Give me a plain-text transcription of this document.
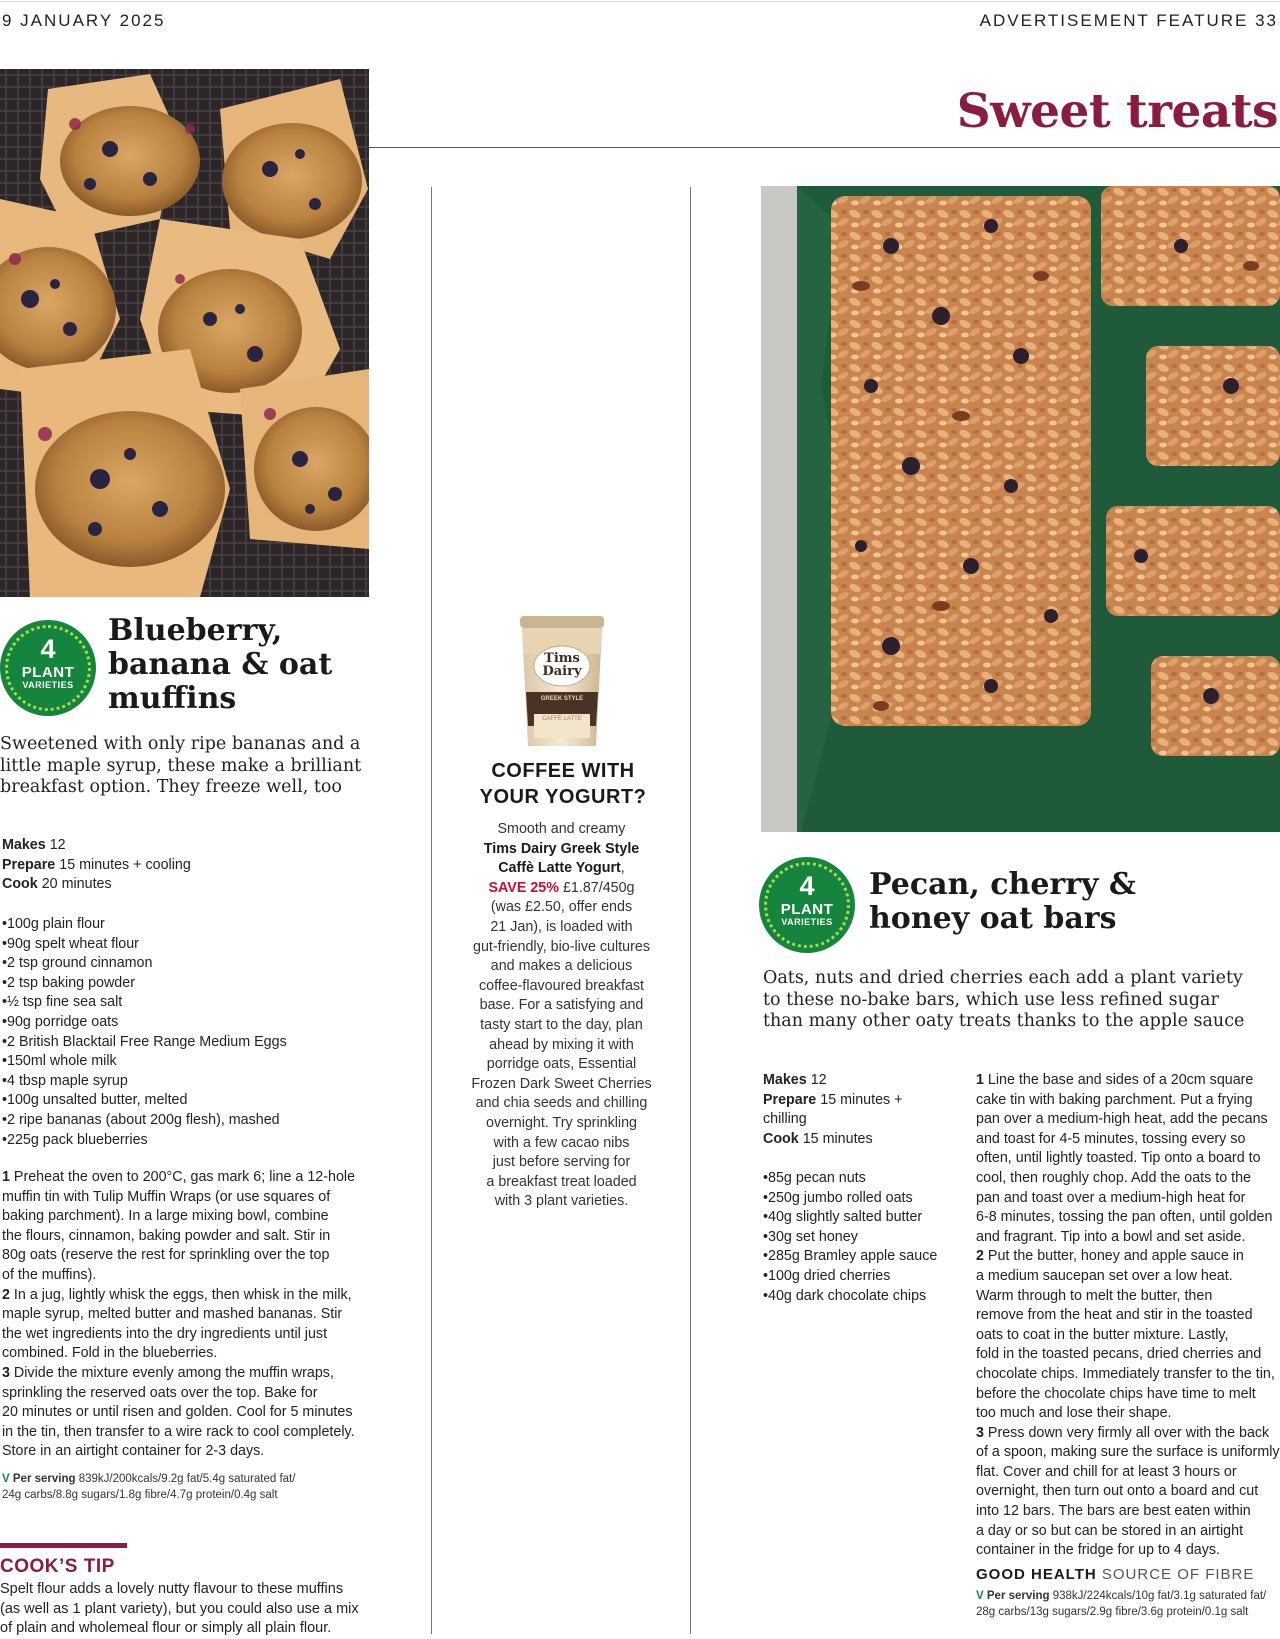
9 JANUARY 2025	ADVERTISEMENT FEATURE 33
Sweet treats
4
PLANT
VARIETIES
Blueberry,
banana & oat
muffins
Sweetened with only ripe bananas and a
little maple syrup, these make a brilliant
breakfast option. They freeze well, too

Makes 12

Prepare 15 minutes + cooling

Cook 20 minutes

• 100g plain flour
• 90g spelt wheat flour
• 2 tsp ground cinnamon
• 2 tsp baking powder
• ½ tsp fine sea salt
• 90g porridge oats
• 2 British Blacktail Free Range Medium Eggs
• 150ml whole milk
• 4 tbsp maple syrup
• 100g unsalted butter, melted
• 2 ripe bananas (about 200g flesh), mashed
• 225g pack blueberries

1 Preheat the oven to 200°C, gas mark 6; line a 12-hole

muffin tin with Tulip Muffin Wraps (or use squares of

baking parchment). In a large mixing bowl, combine

the flours, cinnamon, baking powder and salt. Stir in

80g oats (reserve the rest for sprinkling over the top

of the muffins).

2 In a jug, lightly whisk the eggs, then whisk in the milk,

maple syrup, melted butter and mashed bananas. Stir

the wet ingredients into the dry ingredients until just

combined. Fold in the blueberries.

3 Divide the mixture evenly among the muffin wraps,

sprinkling the reserved oats over the top. Bake for

20 minutes or until risen and golden. Cool for 5 minutes

in the tin, then transfer to a wire rack to cool completely.

Store in an airtight container for 2-3 days.

V Per serving 839kJ/200kcals/9.2g fat/5.4g saturated fat/
24g carbs/8.8g sugars/1.8g fibre/4.7g protein/0.4g salt
COOK’S TIP
Spelt flour adds a lovely nutty flavour to these muffins
(as well as 1 plant variety), but you could also use a mix
of plain and wholemeal flour or simply all plain flour.
Tims Dairy
GREEK STYLE
CAFFÈ LATTE
COFFEE WITH
YOUR YOGURT?
Smooth and creamy
Tims Dairy Greek Style
Caffè Latte Yogurt,
SAVE 25% £1.87/450g
(was £2.50, offer ends
21 Jan), is loaded with
gut-friendly, bio-live cultures
and makes a delicious
coffee-flavoured breakfast
base. For a satisfying and
tasty start to the day, plan
ahead by mixing it with
porridge oats, Essential
Frozen Dark Sweet Cherries
and chia seeds and chilling
overnight. Try sprinkling
with a few cacao nibs
just before serving for
a breakfast treat loaded
with 3 plant varieties.
4
PLANT
VARIETIES
Pecan, cherry &
honey oat bars
Oats, nuts and dried cherries each add a plant variety
to these no-bake bars, which use less refined sugar
than many other oaty treats thanks to the apple sauce

Makes 12

Prepare 15 minutes +

chilling

Cook 15 minutes

• 85g pecan nuts
• 250g jumbo rolled oats
• 40g slightly salted butter
• 30g set honey
• 285g Bramley apple sauce
• 100g dried cherries
• 40g dark chocolate chips

1 Line the base and sides of a 20cm square

cake tin with baking parchment. Put a frying

pan over a medium-high heat, add the pecans

and toast for 4-5 minutes, tossing every so

often, until lightly toasted. Tip onto a board to

cool, then roughly chop. Add the oats to the

pan and toast over a medium-high heat for

6-8 minutes, tossing the pan often, until golden

and fragrant. Tip into a bowl and set aside.

2 Put the butter, honey and apple sauce in

a medium saucepan set over a low heat.

Warm through to melt the butter, then

remove from the heat and stir in the toasted

oats to coat in the butter mixture. Lastly,

fold in the toasted pecans, dried cherries and

chocolate chips. Immediately transfer to the tin,

before the chocolate chips have time to melt

too much and lose their shape.

3 Press down very firmly all over with the back

of a spoon, making sure the surface is uniformly

flat. Cover and chill for at least 3 hours or

overnight, then turn out onto a board and cut

into 12 bars. The bars are best eaten within

a day or so but can be stored in an airtight

container in the fridge for up to 4 days.

GOOD HEALTH SOURCE OF FIBRE
V Per serving 938kJ/224kcals/10g fat/3.1g saturated fat/
28g carbs/13g sugars/2.9g fibre/3.6g protein/0.1g salt
